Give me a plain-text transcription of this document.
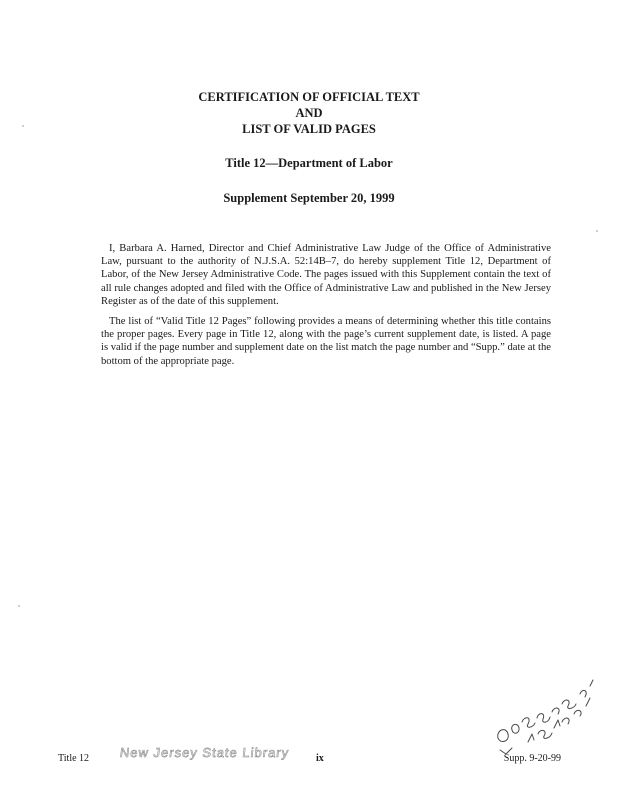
CERTIFICATION OF OFFICIAL TEXT
AND
LIST OF VALID PAGES
Title 12—Department of Labor
Supplement September 20, 1999

I, Barbara A. Harned, Director and Chief Administrative Law Judge of the Office of Administrative Law, pursuant to the authority of N.J.S.A. 52:14B–7, do hereby supplement Title 12, Department of Labor, of the New Jersey Administrative Code. The pages issued with this Supplement contain the text of all rule changes adopted and filed with the Office of Administrative Law and published in the New Jersey Register as of the date of this supplement.

The list of “Valid Title 12 Pages” following provides a means of determining whether this title contains the proper pages. Every page in Title 12, along with the page’s current supplement date, is listed. A page is valid if the page number and supplement date on the list match the page number and “Supp.” date at the bottom of the appropriate page.

Title 12 New Jersey State Library	ix	Supp. 9-20-99
